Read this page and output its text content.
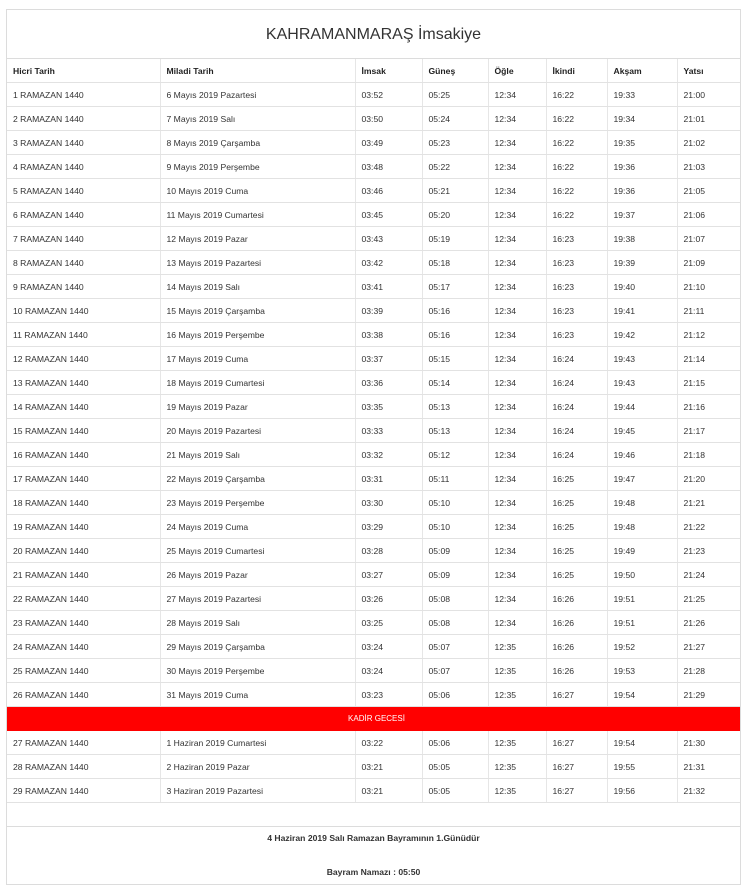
KAHRAMANMARAŞ İmsakiye
Hicri Tarih	Miladi Tarih	İmsak	Güneş	Öğle	İkindi	Akşam	Yatsı
1 RAMAZAN 1440	6 Mayıs 2019 Pazartesi	03:52	05:25	12:34	16:22	19:33	21:00
2 RAMAZAN 1440	7 Mayıs 2019 Salı	03:50	05:24	12:34	16:22	19:34	21:01
3 RAMAZAN 1440	8 Mayıs 2019 Çarşamba	03:49	05:23	12:34	16:22	19:35	21:02
4 RAMAZAN 1440	9 Mayıs 2019 Perşembe	03:48	05:22	12:34	16:22	19:36	21:03
5 RAMAZAN 1440	10 Mayıs 2019 Cuma	03:46	05:21	12:34	16:22	19:36	21:05
6 RAMAZAN 1440	11 Mayıs 2019 Cumartesi	03:45	05:20	12:34	16:22	19:37	21:06
7 RAMAZAN 1440	12 Mayıs 2019 Pazar	03:43	05:19	12:34	16:23	19:38	21:07
8 RAMAZAN 1440	13 Mayıs 2019 Pazartesi	03:42	05:18	12:34	16:23	19:39	21:09
9 RAMAZAN 1440	14 Mayıs 2019 Salı	03:41	05:17	12:34	16:23	19:40	21:10
10 RAMAZAN 1440	15 Mayıs 2019 Çarşamba	03:39	05:16	12:34	16:23	19:41	21:11
11 RAMAZAN 1440	16 Mayıs 2019 Perşembe	03:38	05:16	12:34	16:23	19:42	21:12
12 RAMAZAN 1440	17 Mayıs 2019 Cuma	03:37	05:15	12:34	16:24	19:43	21:14
13 RAMAZAN 1440	18 Mayıs 2019 Cumartesi	03:36	05:14	12:34	16:24	19:43	21:15
14 RAMAZAN 1440	19 Mayıs 2019 Pazar	03:35	05:13	12:34	16:24	19:44	21:16
15 RAMAZAN 1440	20 Mayıs 2019 Pazartesi	03:33	05:13	12:34	16:24	19:45	21:17
16 RAMAZAN 1440	21 Mayıs 2019 Salı	03:32	05:12	12:34	16:24	19:46	21:18
17 RAMAZAN 1440	22 Mayıs 2019 Çarşamba	03:31	05:11	12:34	16:25	19:47	21:20
18 RAMAZAN 1440	23 Mayıs 2019 Perşembe	03:30	05:10	12:34	16:25	19:48	21:21
19 RAMAZAN 1440	24 Mayıs 2019 Cuma	03:29	05:10	12:34	16:25	19:48	21:22
20 RAMAZAN 1440	25 Mayıs 2019 Cumartesi	03:28	05:09	12:34	16:25	19:49	21:23
21 RAMAZAN 1440	26 Mayıs 2019 Pazar	03:27	05:09	12:34	16:25	19:50	21:24
22 RAMAZAN 1440	27 Mayıs 2019 Pazartesi	03:26	05:08	12:34	16:26	19:51	21:25
23 RAMAZAN 1440	28 Mayıs 2019 Salı	03:25	05:08	12:34	16:26	19:51	21:26
24 RAMAZAN 1440	29 Mayıs 2019 Çarşamba	03:24	05:07	12:35	16:26	19:52	21:27
25 RAMAZAN 1440	30 Mayıs 2019 Perşembe	03:24	05:07	12:35	16:26	19:53	21:28
26 RAMAZAN 1440	31 Mayıs 2019 Cuma	03:23	05:06	12:35	16:27	19:54	21:29
KADİR GECESİ							
27 RAMAZAN 1440	1 Haziran 2019 Cumartesi	03:22	05:06	12:35	16:27	19:54	21:30
28 RAMAZAN 1440	2 Haziran 2019 Pazar	03:21	05:05	12:35	16:27	19:55	21:31
29 RAMAZAN 1440	3 Haziran 2019 Pazartesi	03:21	05:05	12:35	16:27	19:56	21:32
4 Haziran 2019 Salı Ramazan Bayramının 1.Günüdür
Bayram Namazı : 05:50
